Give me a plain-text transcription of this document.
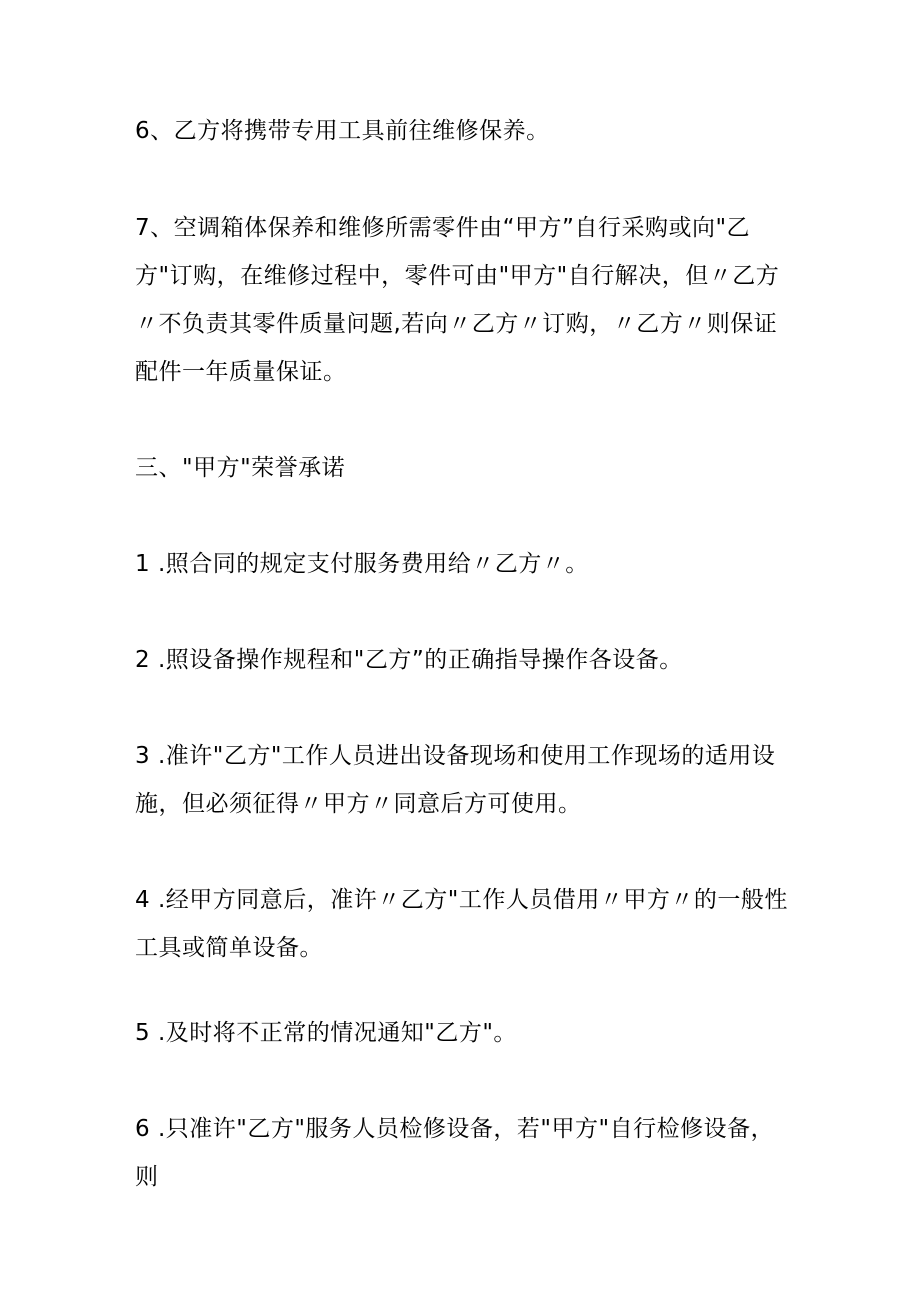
6、乙方将携带专用工具前往维修保养。
7、空调箱体保养和维修所需零件由“甲方”自行采购或向"乙方"订购，在维修过程中，零件可由"甲方"自行解决，但〃乙方〃不负责其零件质量问题,若向〃乙方〃订购，〃乙方〃则保证配件一年质量保证。
三、"甲方"荣誉承诺
1 .照合同的规定支付服务费用给〃乙方〃。
2 .照设备操作规程和"乙方”的正确指导操作各设备。
3 .准许"乙方"工作人员进出设备现场和使用工作现场的适用设施，但必须征得〃甲方〃同意后方可使用。
4 .经甲方同意后，准许〃乙方"工作人员借用〃甲方〃的一般性工具或简单设备。
5 .及时将不正常的情况通知"乙方"。
6 .只准许"乙方"服务人员检修设备，若"甲方"自行检修设备，则
